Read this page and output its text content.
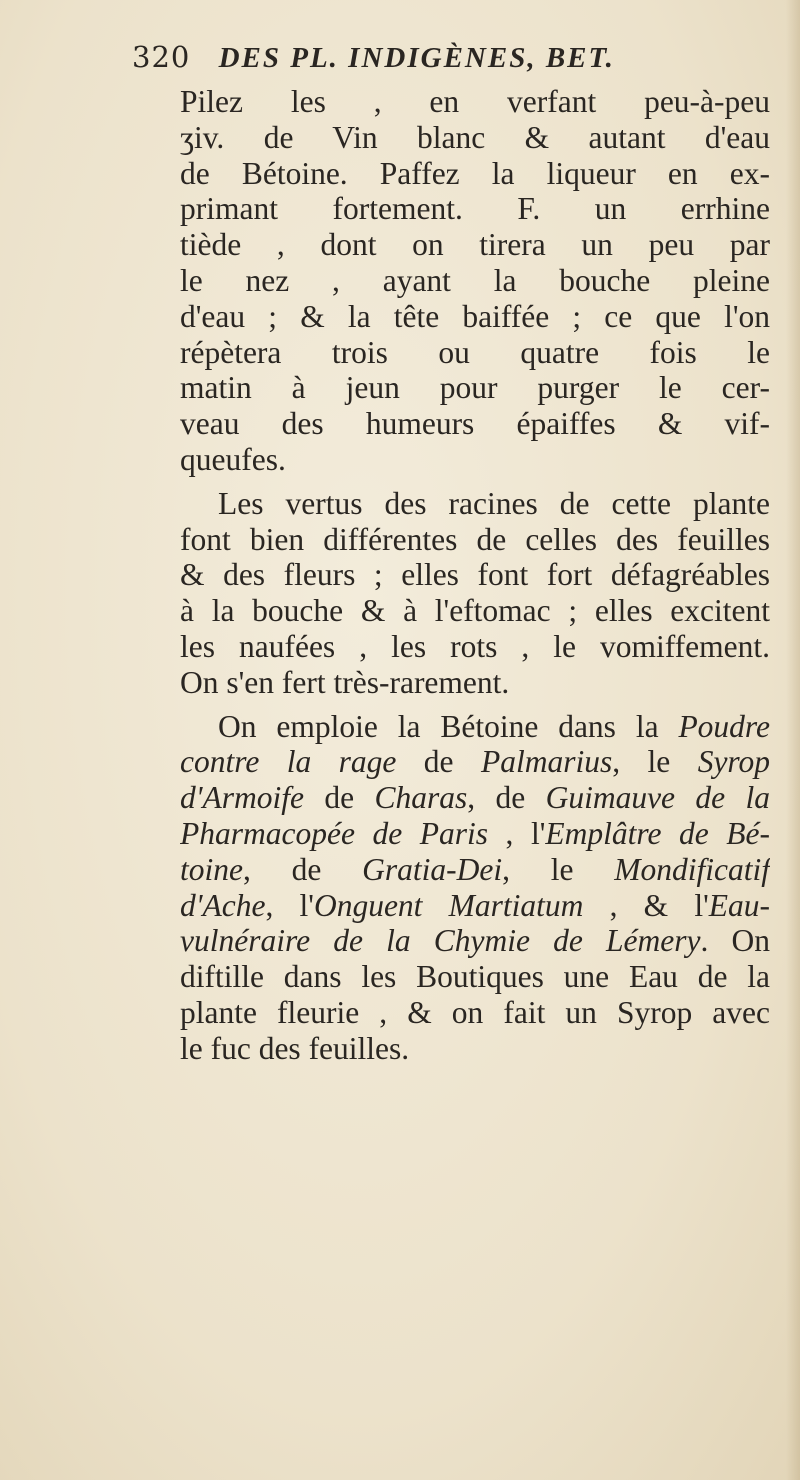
320 DES PL. INDIGÈNES, BET.
Pilez les , en verfant peu-à-peu
ʒiv. de Vin blanc & autant d'eau
de Bétoine. Paffez la liqueur en ex-
primant fortement. F. un errhine
tiède , dont on tirera un peu par
le nez , ayant la bouche pleine
d'eau ; & la tête baiffée ; ce que l'on
répètera trois ou quatre fois le
matin à jeun pour purger le cer-
veau des humeurs épaiffes & vif-
queufes.
Les vertus des racines de cette plante
font bien différentes de celles des feuilles
& des fleurs ; elles font fort défagréables
à la bouche & à l'eftomac ; elles excitent
les naufées , les rots , le vomiffement.
On s'en fert très-rarement.
On emploie la Bétoine dans la Poudre
contre la rage de Palmarius, le Syrop
d'Armoife de Charas, de Guimauve de la
Pharmacopée de Paris , l'Emplâtre de Bé-
toine, de Gratia-Dei, le Mondificatif
d'Ache, l'Onguent Martiatum , & l'Eau-
vulnéraire de la Chymie de Lémery. On
diftille dans les Boutiques une Eau de la
plante fleurie , & on fait un Syrop avec
le fuc des feuilles.
